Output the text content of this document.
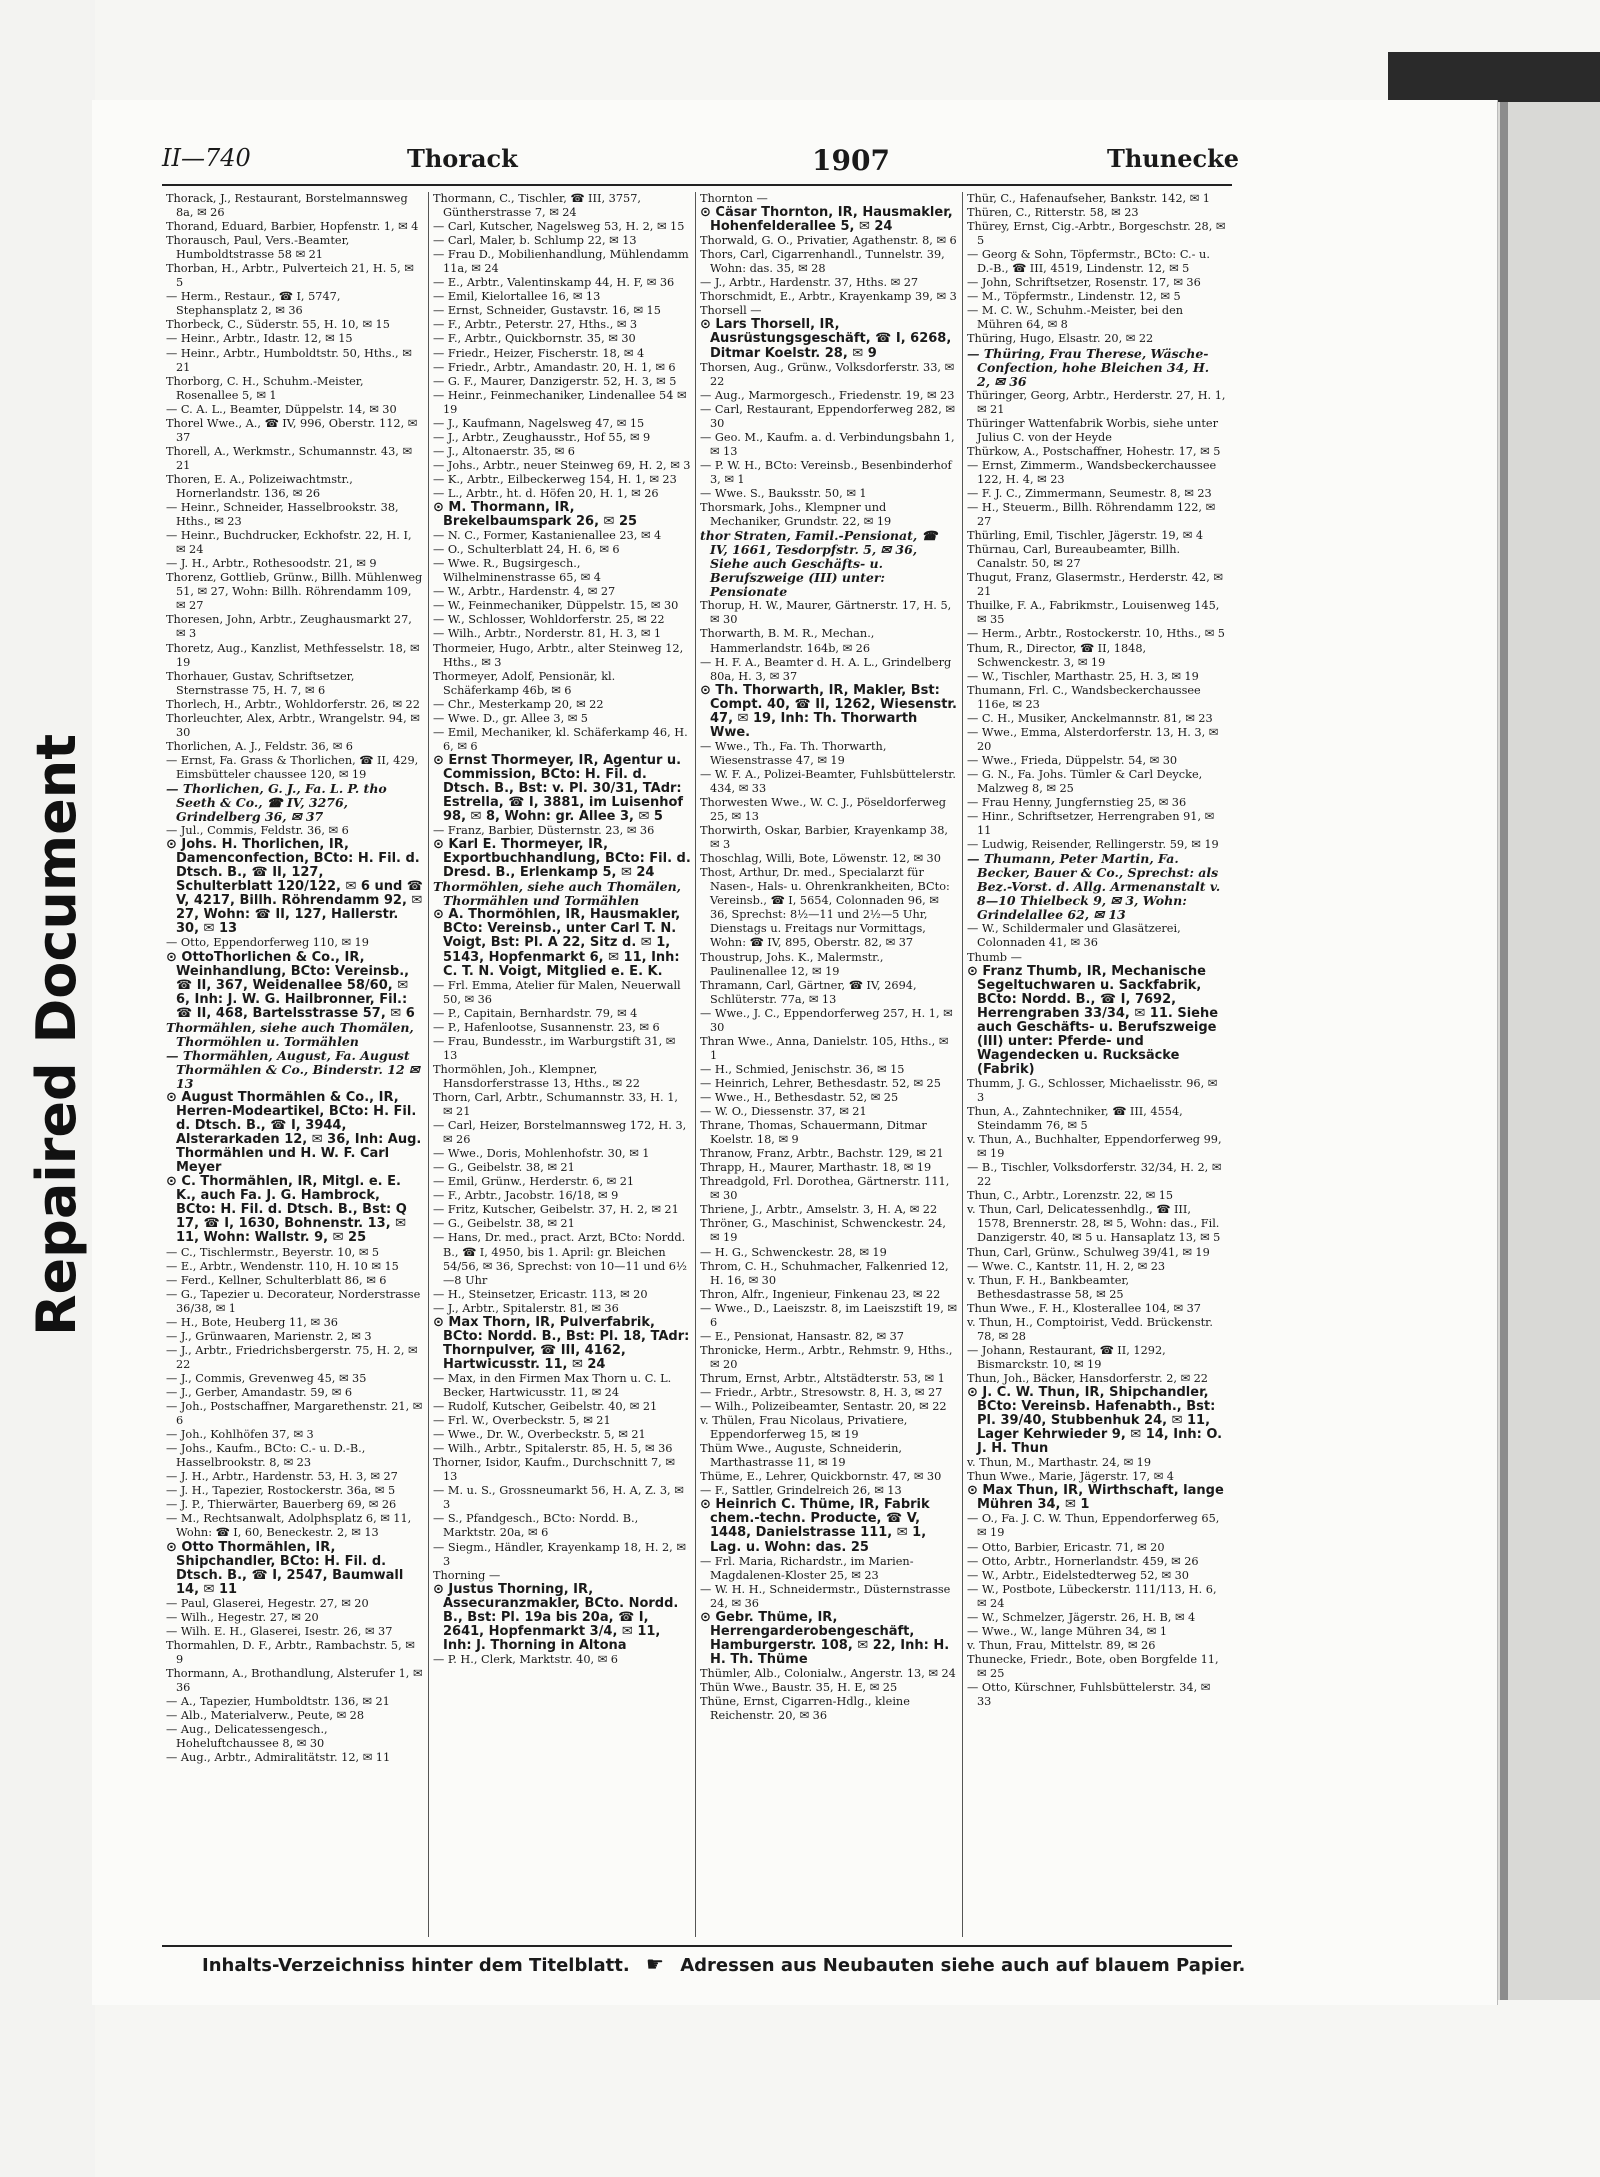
Repaired Document
II—740	Thorack	1907	Thunecke

Thorack, J., Restaurant, Borstelmannsweg 8a, ✉ 26

Thorand, Eduard, Barbier, Hopfenstr. 1, ✉ 4

Thorausch, Paul, Vers.-Beamter, Humboldtstrasse 58 ✉ 21

Thorban, H., Arbtr., Pulverteich 21, H. 5, ✉ 5

— Herm., Restaur., ☎ I, 5747, Stephansplatz 2, ✉ 36

Thorbeck, C., Süderstr. 55, H. 10, ✉ 15

— Heinr., Arbtr., Idastr. 12, ✉ 15

— Heinr., Arbtr., Humboldtstr. 50, Hths., ✉ 21

Thorborg, C. H., Schuhm.-Meister, Rosenallee 5, ✉ 1

— C. A. L., Beamter, Düppelstr. 14, ✉ 30

Thorel Wwe., A., ☎ IV, 996, Oberstr. 112, ✉ 37

Thorell, A., Werkmstr., Schumannstr. 43, ✉ 21

Thoren, E. A., Polizeiwachtmstr., Hornerlandstr. 136, ✉ 26

— Heinr., Schneider, Hasselbrookstr. 38, Hths., ✉ 23

— Heinr., Buchdrucker, Eckhofstr. 22, H. I, ✉ 24

— J. H., Arbtr., Rothesoodstr. 21, ✉ 9

Thorenz, Gottlieb, Grünw., Billh. Mühlenweg 51, ✉ 27, Wohn: Billh. Röhrendamm 109, ✉ 27

Thoresen, John, Arbtr., Zeughausmarkt 27, ✉ 3

Thoretz, Aug., Kanzlist, Methfesselstr. 18, ✉ 19

Thorhauer, Gustav, Schriftsetzer, Sternstrasse 75, H. 7, ✉ 6

Thorlech, H., Arbtr., Wohldorferstr. 26, ✉ 22

Thorleuchter, Alex, Arbtr., Wrangelstr. 94, ✉ 30

Thorlichen, A. J., Feldstr. 36, ✉ 6

— Ernst, Fa. Grass & Thorlichen, ☎ II, 429, Eimsbütteler chaussee 120, ✉ 19

— Thorlichen, G. J., Fa. L. P. tho Seeth & Co., ☎ IV, 3276, Grindelberg 36, ✉ 37

— Jul., Commis, Feldstr. 36, ✉ 6

⊙ Johs. H. Thorlichen, IR, Damenconfection, BCto: H. Fil. d. Dtsch. B., ☎ II, 127, Schulterblatt 120/122, ✉ 6 und ☎ V, 4217, Billh. Röhrendamm 92, ✉ 27, Wohn: ☎ II, 127, Hallerstr. 30, ✉ 13

— Otto, Eppendorferweg 110, ✉ 19

⊙ OttoThorlichen & Co., IR, Weinhandlung, BCto: Vereinsb., ☎ II, 367, Weidenallee 58/60, ✉ 6, Inh: J. W. G. Hailbronner, Fil.: ☎ II, 468, Bartelsstrasse 57, ✉ 6

Thormählen, siehe auch Thomälen, Thormöhlen u. Tormählen

— Thormählen, August, Fa. August Thormählen & Co., Binderstr. 12 ✉ 13

⊙ August Thormählen & Co., IR, Herren-Modeartikel, BCto: H. Fil. d. Dtsch. B., ☎ I, 3944, Alsterarkaden 12, ✉ 36, Inh: Aug. Thormählen und H. W. F. Carl Meyer

⊙ C. Thormählen, IR, Mitgl. e. E. K., auch Fa. J. G. Hambrock, BCto: H. Fil. d. Dtsch. B., Bst: Q 17, ☎ I, 1630, Bohnenstr. 13, ✉ 11, Wohn: Wallstr. 9, ✉ 25

— C., Tischlermstr., Beyerstr. 10, ✉ 5

— E., Arbtr., Wendenstr. 110, H. 10 ✉ 15

— Ferd., Kellner, Schulterblatt 86, ✉ 6

— G., Tapezier u. Decorateur, Norderstrasse 36/38, ✉ 1

— H., Bote, Heuberg 11, ✉ 36

— J., Grünwaaren, Marienstr. 2, ✉ 3

— J., Arbtr., Friedrichsbergerstr. 75, H. 2, ✉ 22

— J., Commis, Grevenweg 45, ✉ 35

— J., Gerber, Amandastr. 59, ✉ 6

— Joh., Postschaffner, Margarethenstr. 21, ✉ 6

— Joh., Kohlhöfen 37, ✉ 3

— Johs., Kaufm., BCto: C.- u. D.-B., Hasselbrookstr. 8, ✉ 23

— J. H., Arbtr., Hardenstr. 53, H. 3, ✉ 27

— J. H., Tapezier, Rostockerstr. 36a, ✉ 5

— J. P., Thierwärter, Bauerberg 69, ✉ 26

— M., Rechtsanwalt, Adolphsplatz 6, ✉ 11, Wohn: ☎ I, 60, Beneckestr. 2, ✉ 13

⊙ Otto Thormählen, IR, Shipchandler, BCto: H. Fil. d. Dtsch. B., ☎ I, 2547, Baumwall 14, ✉ 11

— Paul, Glaserei, Hegestr. 27, ✉ 20

— Wilh., Hegestr. 27, ✉ 20

— Wilh. E. H., Glaserei, Isestr. 26, ✉ 37

Thormahlen, D. F., Arbtr., Rambachstr. 5, ✉ 9

Thormann, A., Brothandlung, Alsterufer 1, ✉ 36

— A., Tapezier, Humboldtstr. 136, ✉ 21

— Alb., Materialverw., Peute, ✉ 28

— Aug., Delicatessengesch., Hoheluftchaussee 8, ✉ 30

— Aug., Arbtr., Admiralitätstr. 12, ✉ 11

Thormann, C., Tischler, ☎ III, 3757, Güntherstrasse 7, ✉ 24

— Carl, Kutscher, Nagelsweg 53, H. 2, ✉ 15

— Carl, Maler, b. Schlump 22, ✉ 13

— Frau D., Mobilienhandlung, Mühlendamm 11a, ✉ 24

— E., Arbtr., Valentinskamp 44, H. F, ✉ 36

— Emil, Kielortallee 16, ✉ 13

— Ernst, Schneider, Gustavstr. 16, ✉ 15

— F., Arbtr., Peterstr. 27, Hths., ✉ 3

— F., Arbtr., Quickbornstr. 35, ✉ 30

— Friedr., Heizer, Fischerstr. 18, ✉ 4

— Friedr., Arbtr., Amandastr. 20, H. 1, ✉ 6

— G. F., Maurer, Danzigerstr. 52, H. 3, ✉ 5

— Heinr., Feinmechaniker, Lindenallee 54 ✉ 19

— J., Kaufmann, Nagelsweg 47, ✉ 15

— J., Arbtr., Zeughausstr., Hof 55, ✉ 9

— J., Altonaerstr. 35, ✉ 6

— Johs., Arbtr., neuer Steinweg 69, H. 2, ✉ 3

— K., Arbtr., Eilbeckerweg 154, H. 1, ✉ 23

— L., Arbtr., ht. d. Höfen 20, H. 1, ✉ 26

⊙ M. Thormann, IR, Brekelbaumspark 26, ✉ 25

— N. C., Former, Kastanienallee 23, ✉ 4

— O., Schulterblatt 24, H. 6, ✉ 6

— Wwe. R., Bugsirgesch., Wilhelminenstrasse 65, ✉ 4

— W., Arbtr., Hardenstr. 4, ✉ 27

— W., Feinmechaniker, Düppelstr. 15, ✉ 30

— W., Schlosser, Wohldorferstr. 25, ✉ 22

— Wilh., Arbtr., Norderstr. 81, H. 3, ✉ 1

Thormeier, Hugo, Arbtr., alter Steinweg 12, Hths., ✉ 3

Thormeyer, Adolf, Pensionär, kl. Schäferkamp 46b, ✉ 6

— Chr., Mesterkamp 20, ✉ 22

— Wwe. D., gr. Allee 3, ✉ 5

— Emil, Mechaniker, kl. Schäferkamp 46, H. 6, ✉ 6

⊙ Ernst Thormeyer, IR, Agentur u. Commission, BCto: H. Fil. d. Dtsch. B., Bst: v. Pl. 30/31, TAdr: Estrella, ☎ I, 3881, im Luisenhof 98, ✉ 8, Wohn: gr. Allee 3, ✉ 5

— Franz, Barbier, Düsternstr. 23, ✉ 36

⊙ Karl E. Thormeyer, IR, Exportbuchhandlung, BCto: Fil. d. Dresd. B., Erlenkamp 5, ✉ 24

Thormöhlen, siehe auch Thomälen, Thormählen und Tormählen

⊙ A. Thormöhlen, IR, Hausmakler, BCto: Vereinsb., unter Carl T. N. Voigt, Bst: Pl. A 22, Sitz d. ✉ 1, 5143, Hopfenmarkt 6, ✉ 11, Inh: C. T. N. Voigt, Mitglied e. E. K.

— Frl. Emma, Atelier für Malen, Neuerwall 50, ✉ 36

— P., Capitain, Bernhardstr. 79, ✉ 4

— P., Hafenlootse, Susannenstr. 23, ✉ 6

— Frau, Bundesstr., im Warburgstift 31, ✉ 13

Thormöhlen, Joh., Klempner, Hansdorferstrasse 13, Hths., ✉ 22

Thorn, Carl, Arbtr., Schumannstr. 33, H. 1, ✉ 21

— Carl, Heizer, Borstelmannsweg 172, H. 3, ✉ 26

— Wwe., Doris, Mohlenhofstr. 30, ✉ 1

— G., Geibelstr. 38, ✉ 21

— Emil, Grünw., Herderstr. 6, ✉ 21

— F., Arbtr., Jacobstr. 16/18, ✉ 9

— Fritz, Kutscher, Geibelstr. 37, H. 2, ✉ 21

— G., Geibelstr. 38, ✉ 21

— Hans, Dr. med., pract. Arzt, BCto: Nordd. B., ☎ I, 4950, bis 1. April: gr. Bleichen 54/56, ✉ 36, Sprechst: von 10—11 und 6½—8 Uhr

— H., Steinsetzer, Ericastr. 113, ✉ 20

— J., Arbtr., Spitalerstr. 81, ✉ 36

⊙ Max Thorn, IR, Pulverfabrik, BCto: Nordd. B., Bst: Pl. 18, TAdr: Thornpulver, ☎ III, 4162, Hartwicusstr. 11, ✉ 24

— Max, in den Firmen Max Thorn u. C. L. Becker, Hartwicusstr. 11, ✉ 24

— Rudolf, Kutscher, Geibelstr. 40, ✉ 21

— Frl. W., Overbeckstr. 5, ✉ 21

— Wwe., Dr. W., Overbeckstr. 5, ✉ 21

— Wilh., Arbtr., Spitalerstr. 85, H. 5, ✉ 36

Thorner, Isidor, Kaufm., Durchschnitt 7, ✉ 13

— M. u. S., Grossneumarkt 56, H. A, Z. 3, ✉ 3

— S., Pfandgesch., BCto: Nordd. B., Marktstr. 20a, ✉ 6

— Siegm., Händler, Krayenkamp 18, H. 2, ✉ 3

Thorning —

⊙ Justus Thorning, IR, Assecuranzmakler, BCto. Nordd. B., Bst: Pl. 19a bis 20a, ☎ I, 2641, Hopfenmarkt 3/4, ✉ 11, Inh: J. Thorning in Altona

— P. H., Clerk, Marktstr. 40, ✉ 6

Thornton —

⊙ Cäsar Thornton, IR, Hausmakler, Hohenfelderallee 5, ✉ 24

Thorwald, G. O., Privatier, Agathenstr. 8, ✉ 6

Thors, Carl, Cigarrenhandl., Tunnelstr. 39, Wohn: das. 35, ✉ 28

— J., Arbtr., Hardenstr. 37, Hths. ✉ 27

Thorschmidt, E., Arbtr., Krayenkamp 39, ✉ 3

Thorsell —

⊙ Lars Thorsell, IR, Ausrüstungsgeschäft, ☎ I, 6268, Ditmar Koelstr. 28, ✉ 9

Thorsen, Aug., Grünw., Volksdorferstr. 33, ✉ 22

— Aug., Marmorgesch., Friedenstr. 19, ✉ 23

— Carl, Restaurant, Eppendorferweg 282, ✉ 30

— Geo. M., Kaufm. a. d. Verbindungsbahn 1, ✉ 13

— P. W. H., BCto: Vereinsb., Besenbinderhof 3, ✉ 1

— Wwe. S., Bauksstr. 50, ✉ 1

Thorsmark, Johs., Klempner und Mechaniker, Grundstr. 22, ✉ 19

thor Straten, Famil.-Pensionat, ☎ IV, 1661, Tesdorpfstr. 5, ✉ 36, Siehe auch Geschäfts- u. Berufszweige (III) unter: Pensionate

Thorup, H. W., Maurer, Gärtnerstr. 17, H. 5, ✉ 30

Thorwarth, B. M. R., Mechan., Hammerlandstr. 164b, ✉ 26

— H. F. A., Beamter d. H. A. L., Grindelberg 80a, H. 3, ✉ 37

⊙ Th. Thorwarth, IR, Makler, Bst: Compt. 40, ☎ II, 1262, Wiesenstr. 47, ✉ 19, Inh: Th. Thorwarth Wwe.

— Wwe., Th., Fa. Th. Thorwarth, Wiesenstrasse 47, ✉ 19

— W. F. A., Polizei-Beamter, Fuhlsbüttelerstr. 434, ✉ 33

Thorwesten Wwe., W. C. J., Pöseldorferweg 25, ✉ 13

Thorwirth, Oskar, Barbier, Krayenkamp 38, ✉ 3

Thoschlag, Willi, Bote, Löwenstr. 12, ✉ 30

Thost, Arthur, Dr. med., Specialarzt für Nasen-, Hals- u. Ohrenkrankheiten, BCto: Vereinsb., ☎ I, 5654, Colonnaden 96, ✉ 36, Sprechst: 8½—11 und 2½—5 Uhr, Dienstags u. Freitags nur Vormittags, Wohn: ☎ IV, 895, Oberstr. 82, ✉ 37

Thoustrup, Johs. K., Malermstr., Paulinenallee 12, ✉ 19

Thramann, Carl, Gärtner, ☎ IV, 2694, Schlüterstr. 77a, ✉ 13

— Wwe., J. C., Eppendorferweg 257, H. 1, ✉ 30

Thran Wwe., Anna, Danielstr. 105, Hths., ✉ 1

— H., Schmied, Jenischstr. 36, ✉ 15

— Heinrich, Lehrer, Bethesdastr. 52, ✉ 25

— Wwe., H., Bethesdastr. 52, ✉ 25

— W. O., Diessenstr. 37, ✉ 21

Thrane, Thomas, Schauermann, Ditmar Koelstr. 18, ✉ 9

Thranow, Franz, Arbtr., Bachstr. 129, ✉ 21

Thrapp, H., Maurer, Marthastr. 18, ✉ 19

Threadgold, Frl. Dorothea, Gärtnerstr. 111, ✉ 30

Thriene, J., Arbtr., Amselstr. 3, H. A, ✉ 22

Thröner, G., Maschinist, Schwenckestr. 24, ✉ 19

— H. G., Schwenckestr. 28, ✉ 19

Throm, C. H., Schuhmacher, Falkenried 12, H. 16, ✉ 30

Thron, Alfr., Ingenieur, Finkenau 23, ✉ 22

— Wwe., D., Laeiszstr. 8, im Laeiszstift 19, ✉ 6

— E., Pensionat, Hansastr. 82, ✉ 37

Thronicke, Herm., Arbtr., Rehmstr. 9, Hths., ✉ 20

Thrum, Ernst, Arbtr., Altstädterstr. 53, ✉ 1

— Friedr., Arbtr., Stresowstr. 8, H. 3, ✉ 27

— Wilh., Polizeibeamter, Sentastr. 20, ✉ 22

v. Thülen, Frau Nicolaus, Privatiere, Eppendorferweg 15, ✉ 19

Thüm Wwe., Auguste, Schneiderin, Marthastrasse 11, ✉ 19

Thüme, E., Lehrer, Quickbornstr. 47, ✉ 30

— F., Sattler, Grindelreich 26, ✉ 13

⊙ Heinrich C. Thüme, IR, Fabrik chem.-techn. Producte, ☎ V, 1448, Danielstrasse 111, ✉ 1, Lag. u. Wohn: das. 25

— Frl. Maria, Richardstr., im Marien-Magdalenen-Kloster 25, ✉ 23

— W. H. H., Schneidermstr., Düsternstrasse 24, ✉ 36

⊙ Gebr. Thüme, IR, Herrengarderobengeschäft, Hamburgerstr. 108, ✉ 22, Inh: H. H. Th. Thüme

Thümler, Alb., Colonialw., Angerstr. 13, ✉ 24

Thün Wwe., Baustr. 35, H. E, ✉ 25

Thüne, Ernst, Cigarren-Hdlg., kleine Reichenstr. 20, ✉ 36

Thür, C., Hafenaufseher, Bankstr. 142, ✉ 1

Thüren, C., Ritterstr. 58, ✉ 23

Thürey, Ernst, Cig.-Arbtr., Borgeschstr. 28, ✉ 5

— Georg & Sohn, Töpfermstr., BCto: C.- u. D.-B., ☎ III, 4519, Lindenstr. 12, ✉ 5

— John, Schriftsetzer, Rosenstr. 17, ✉ 36

— M., Töpfermstr., Lindenstr. 12, ✉ 5

— M. C. W., Schuhm.-Meister, bei den Mühren 64, ✉ 8

Thüring, Hugo, Elsastr. 20, ✉ 22

— Thüring, Frau Therese, Wäsche-Confection, hohe Bleichen 34, H. 2, ✉ 36

Thüringer, Georg, Arbtr., Herderstr. 27, H. 1, ✉ 21

Thüringer Wattenfabrik Worbis, siehe unter Julius C. von der Heyde

Thürkow, A., Postschaffner, Hohestr. 17, ✉ 5

— Ernst, Zimmerm., Wandsbeckerchaussee 122, H. 4, ✉ 23

— F. J. C., Zimmermann, Seumestr. 8, ✉ 23

— H., Steuerm., Billh. Röhrendamm 122, ✉ 27

Thürling, Emil, Tischler, Jägerstr. 19, ✉ 4

Thürnau, Carl, Bureaubeamter, Billh. Canalstr. 50, ✉ 27

Thugut, Franz, Glasermstr., Herderstr. 42, ✉ 21

Thuilke, F. A., Fabrikmstr., Louisenweg 145, ✉ 35

— Herm., Arbtr., Rostockerstr. 10, Hths., ✉ 5

Thum, R., Director, ☎ II, 1848, Schwenckestr. 3, ✉ 19

— W., Tischler, Marthastr. 25, H. 3, ✉ 19

Thumann, Frl. C., Wandsbeckerchaussee 116e, ✉ 23

— C. H., Musiker, Anckelmannstr. 81, ✉ 23

— Wwe., Emma, Alsterdorferstr. 13, H. 3, ✉ 20

— Wwe., Frieda, Düppelstr. 54, ✉ 30

— G. N., Fa. Johs. Tümler & Carl Deycke, Malzweg 8, ✉ 25

— Frau Henny, Jungfernstieg 25, ✉ 36

— Hinr., Schriftsetzer, Herrengraben 91, ✉ 11

— Ludwig, Reisender, Rellingerstr. 59, ✉ 19

— Thumann, Peter Martin, Fa. Becker, Bauer & Co., Sprechst: als Bez.-Vorst. d. Allg. Armenanstalt v. 8—10 Thielbeck 9, ✉ 3, Wohn: Grindelallee 62, ✉ 13

— W., Schildermaler und Glasätzerei, Colonnaden 41, ✉ 36

Thumb —

⊙ Franz Thumb, IR, Mechanische Segeltuchwaren u. Sackfabrik, BCto: Nordd. B., ☎ I, 7692, Herrengraben 33/34, ✉ 11. Siehe auch Geschäfts- u. Berufszweige (III) unter: Pferde- und Wagendecken u. Rucksäcke (Fabrik)

Thumm, J. G., Schlosser, Michaelisstr. 96, ✉ 3

Thun, A., Zahntechniker, ☎ III, 4554, Steindamm 76, ✉ 5

v. Thun, A., Buchhalter, Eppendorferweg 99, ✉ 19

— B., Tischler, Volksdorferstr. 32/34, H. 2, ✉ 22

Thun, C., Arbtr., Lorenzstr. 22, ✉ 15

v. Thun, Carl, Delicatessenhdlg., ☎ III, 1578, Brennerstr. 28, ✉ 5, Wohn: das., Fil. Danzigerstr. 40, ✉ 5 u. Hansaplatz 13, ✉ 5

Thun, Carl, Grünw., Schulweg 39/41, ✉ 19

— Wwe. C., Kantstr. 11, H. 2, ✉ 23

v. Thun, F. H., Bankbeamter, Bethesdastrasse 58, ✉ 25

Thun Wwe., F. H., Klosterallee 104, ✉ 37

v. Thun, H., Comptoirist, Vedd. Brückenstr. 78, ✉ 28

— Johann, Restaurant, ☎ II, 1292, Bismarckstr. 10, ✉ 19

Thun, Joh., Bäcker, Hansdorferstr. 2, ✉ 22

⊙ J. C. W. Thun, IR, Shipchandler, BCto: Vereinsb. Hafenabth., Bst: Pl. 39/40, Stubbenhuk 24, ✉ 11, Lager Kehrwieder 9, ✉ 14, Inh: O. J. H. Thun

v. Thun, M., Marthastr. 24, ✉ 19

Thun Wwe., Marie, Jägerstr. 17, ✉ 4

⊙ Max Thun, IR, Wirthschaft, lange Mühren 34, ✉ 1

— O., Fa. J. C. W. Thun, Eppendorferweg 65, ✉ 19

— Otto, Barbier, Ericastr. 71, ✉ 20

— Otto, Arbtr., Hornerlandstr. 459, ✉ 26

— W., Arbtr., Eidelstedterweg 52, ✉ 30

— W., Postbote, Lübeckerstr. 111/113, H. 6, ✉ 24

— W., Schmelzer, Jägerstr. 26, H. B, ✉ 4

— Wwe., W., lange Mühren 34, ✉ 1

v. Thun, Frau, Mittelstr. 89, ✉ 26

Thunecke, Friedr., Bote, oben Borgfelde 11, ✉ 25

— Otto, Kürschner, Fuhlsbüttelerstr. 34, ✉ 33

Inhalts-Verzeichniss hinter dem Titelblatt. ☛ Adressen aus Neubauten siehe auch auf blauem Papier.
